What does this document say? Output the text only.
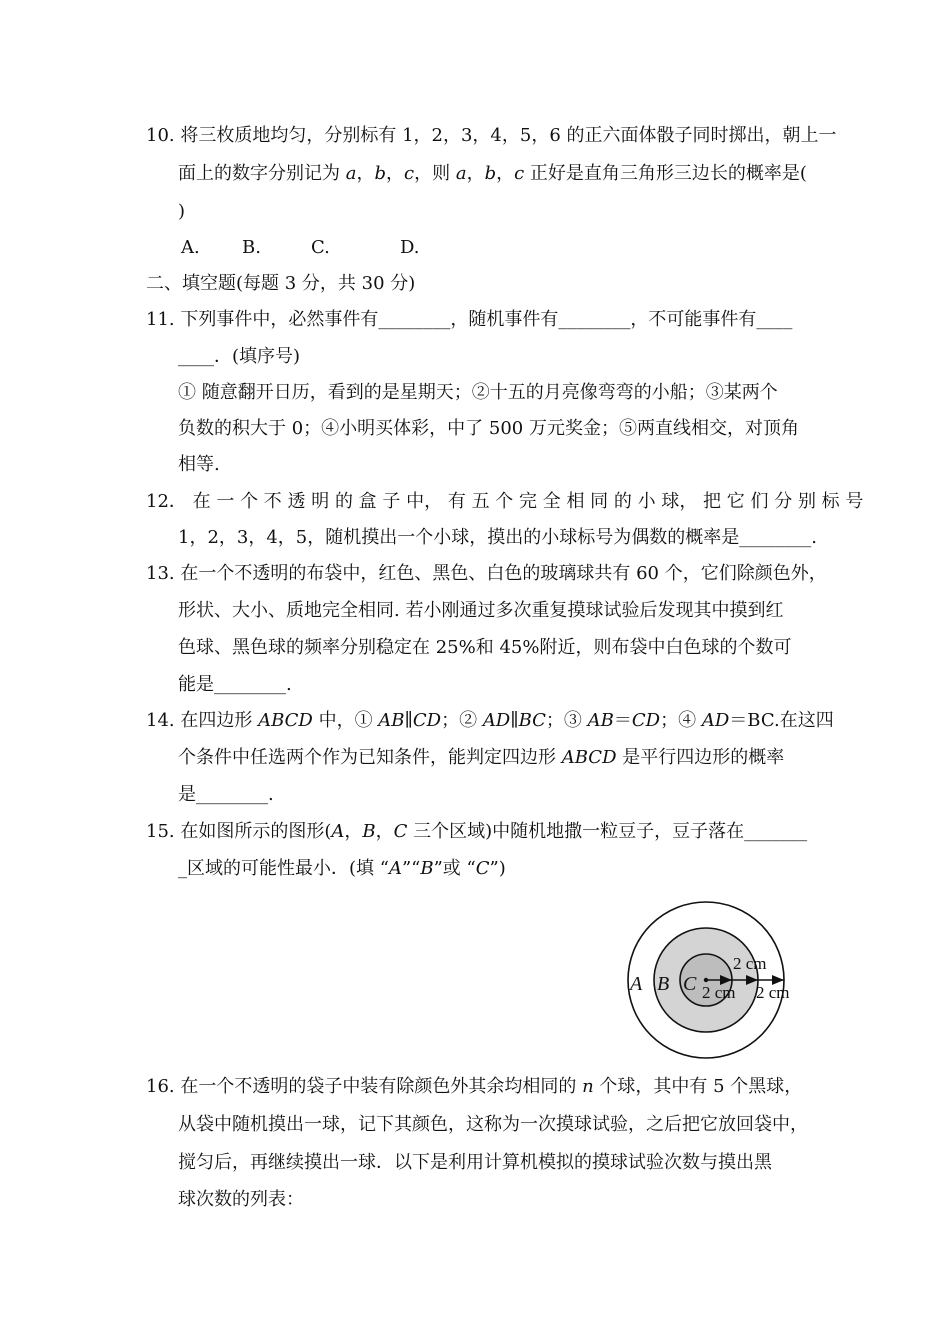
10. 将三枚质地均匀，分别标有 1，2，3，4，5，6 的正六面体骰子同时掷出，朝上一
面上的数字分别记为 a，b，c，则 a，b，c 正好是直角三角形三边长的概率是(
)
A. B.	C.	D.
二、填空题(每题 3 分，共 30 分)
11. 下列事件中，必然事件有________，随机事件有________，不可能事件有____
____．(填序号)
① 随意翻开日历，看到的是星期天；②十五的月亮像弯弯的小船；③某两个
负数的积大于 0；④小明买体彩，中了 500 万元奖金；⑤两直线相交，对顶角
相等.
12． 在 一 个 不 透 明 的 盒 子 中， 有 五 个 完 全 相 同 的 小 球， 把 它 们 分 别 标 号
1，2，3，4，5，随机摸出一个小球，摸出的小球标号为偶数的概率是________.
13. 在一个不透明的布袋中，红色、黑色、白色的玻璃球共有 60 个，它们除颜色外，
形状、大小、质地完全相同. 若小刚通过多次重复摸球试验后发现其中摸到红
色球、黑色球的频率分别稳定在 25%和 45%附近，则布袋中白色球的个数可
能是________.
14. 在四边形 ABCD 中，① AB∥CD；② AD∥BC；③ AB＝CD；④ AD＝BC.在这四
个条件中任选两个作为已知条件，能判定四边形 ABCD 是平行四边形的概率
是________.
15. 在如图所示的图形(A，B，C 三个区域)中随机地撒一粒豆子，豆子落在_______
_区域的可能性最小．(填 “A”“B”或 “C”)
A B C 2 cm
2 cm
2 cm
16. 在一个不透明的袋子中装有除颜色外其余均相同的 n 个球，其中有 5 个黑球，
从袋中随机摸出一球，记下其颜色，这称为一次摸球试验，之后把它放回袋中，
搅匀后，再继续摸出一球．以下是利用计算机模拟的摸球试验次数与摸出黑
球次数的列表：
